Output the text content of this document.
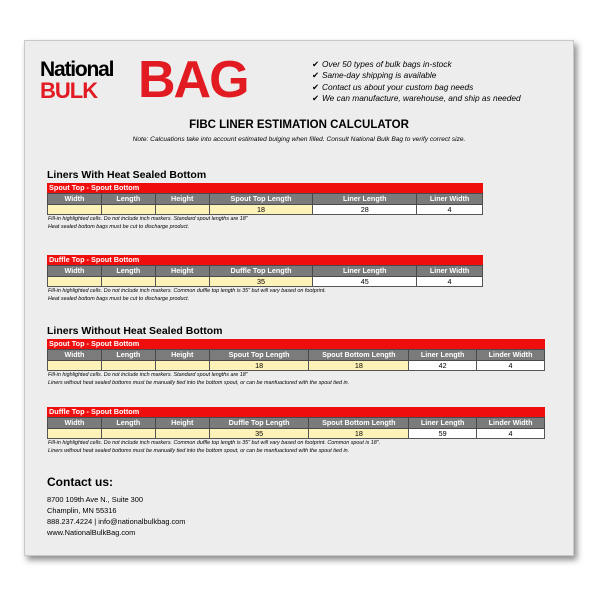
National
BULK BAG	✔ Over 50 types of bulk bags in-stock
✔ Same-day shipping is available
✔ Contact us about your custom bag needs
✔ We can manufacture, warehouse, and ship as needed
FIBC LINER ESTIMATION CALCULATOR
Note: Calcuations take into account estimated bulging when filled. Consult National Bulk Bag to verify correct size.
Liners With Heat Sealed Bottom
Spout Top - Spout Bottom
Width	Length	Height	Spout Top Length	Liner Length	Liner Width
			18	28	4
Fill-in highlighted cells. Do not include inch markers. Standard spout lengths are 18"
Heat sealed bottom bags must be cut to discharge product.
Duffle Top - Spout Bottom
Width	Length	Height	Duffle Top Length	Liner Length	Liner Width
			35	45	4
Fill-in highlighted cells. Do not include inch markers. Common duffle top length is 35" but will vary based on footprint.
Heat sealed bottom bags must be cut to discharge product.
Liners Without Heat Sealed Bottom
Spout Top - Spout Bottom
Width	Length	Height	Spout Top Length	Spout Bottom Length	Liner Length	Linder Width
			18	18	42	4
Fill-in highlighted cells. Do not include inch markers. Standard spout lengths are 18"
Liners without heat sealed bottoms must be manually tied into the bottom spout, or can be manfuactured with the spout tied in.
Duffle Top - Spout Bottom
Width	Length	Height	Duffle Top Length	Spout Bottom Length	Liner Length	Linder Width
			35	18	59	4
Fill-in highlighted cells. Do not include inch markers. Common duffle top length is 35" but will vary based on footprint. Common spout is 18".
Liners without heat sealed bottoms must be manually tied into the bottom spout, or can be manfuactured with the spout tied in.
Contact us:
8700 109th Ave N., Suite 300
Champlin, MN 55316
888.237.4224 | info@nationalbulkbag.com
www.NationalBulkBag.com
